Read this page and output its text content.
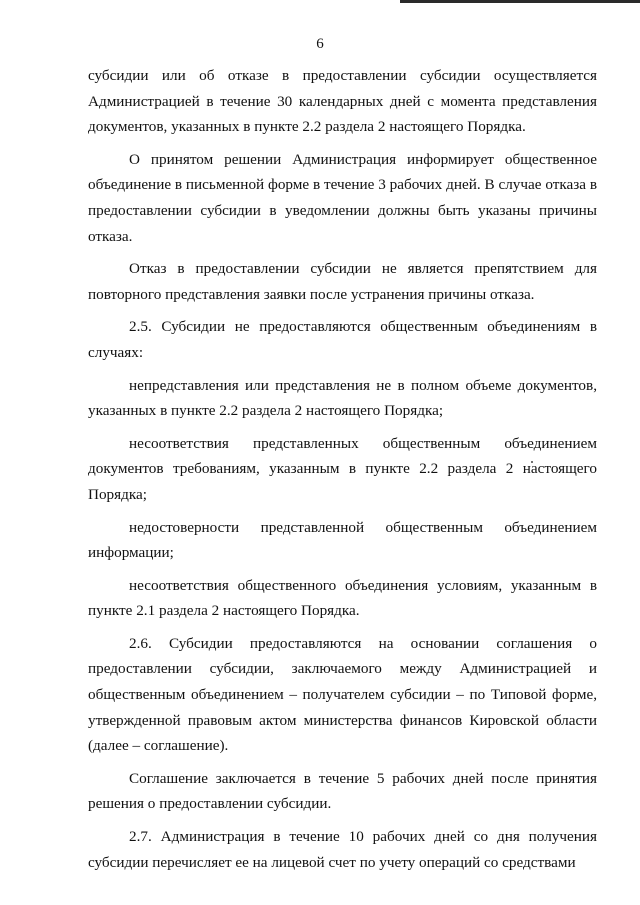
6

субсидии или об отказе в предоставлении субсидии осуществляется Администрацией в течение 30 календарных дней с момента представления документов, указанных в пункте 2.2 раздела 2 настоящего Порядка.

О принятом решении Администрация информирует общественное объединение в письменной форме в течение 3 рабочих дней. В случае отказа в предоставлении субсидии в уведомлении должны быть указаны причины отказа.

Отказ в предоставлении субсидии не является препятствием для повторного представления заявки после устранения причины отказа.

2.5. Субсидии не предоставляются общественным объединениям в случаях:

непредставления или представления не в полном объеме документов, указанных в пункте 2.2 раздела 2 настоящего Порядка;

несоответствия представленных общественным объединением документов требованиям, указанным в пункте 2.2 раздела 2 настоящего Порядка;

недостоверности представленной общественным объединением информации;

несоответствия общественного объединения условиям, указанным в пункте 2.1 раздела 2 настоящего Порядка.

2.6. Субсидии предоставляются на основании соглашения о предоставлении субсидии, заключаемого между Администрацией и общественным объединением – получателем субсидии – по Типовой форме, утвержденной правовым актом министерства финансов Кировской области (далее – соглашение).

Соглашение заключается в течение 5 рабочих дней после принятия решения о предоставлении субсидии.

2.7. Администрация в течение 10 рабочих дней со дня получения субсидии перечисляет ее на лицевой счет по учету операций со средствами
